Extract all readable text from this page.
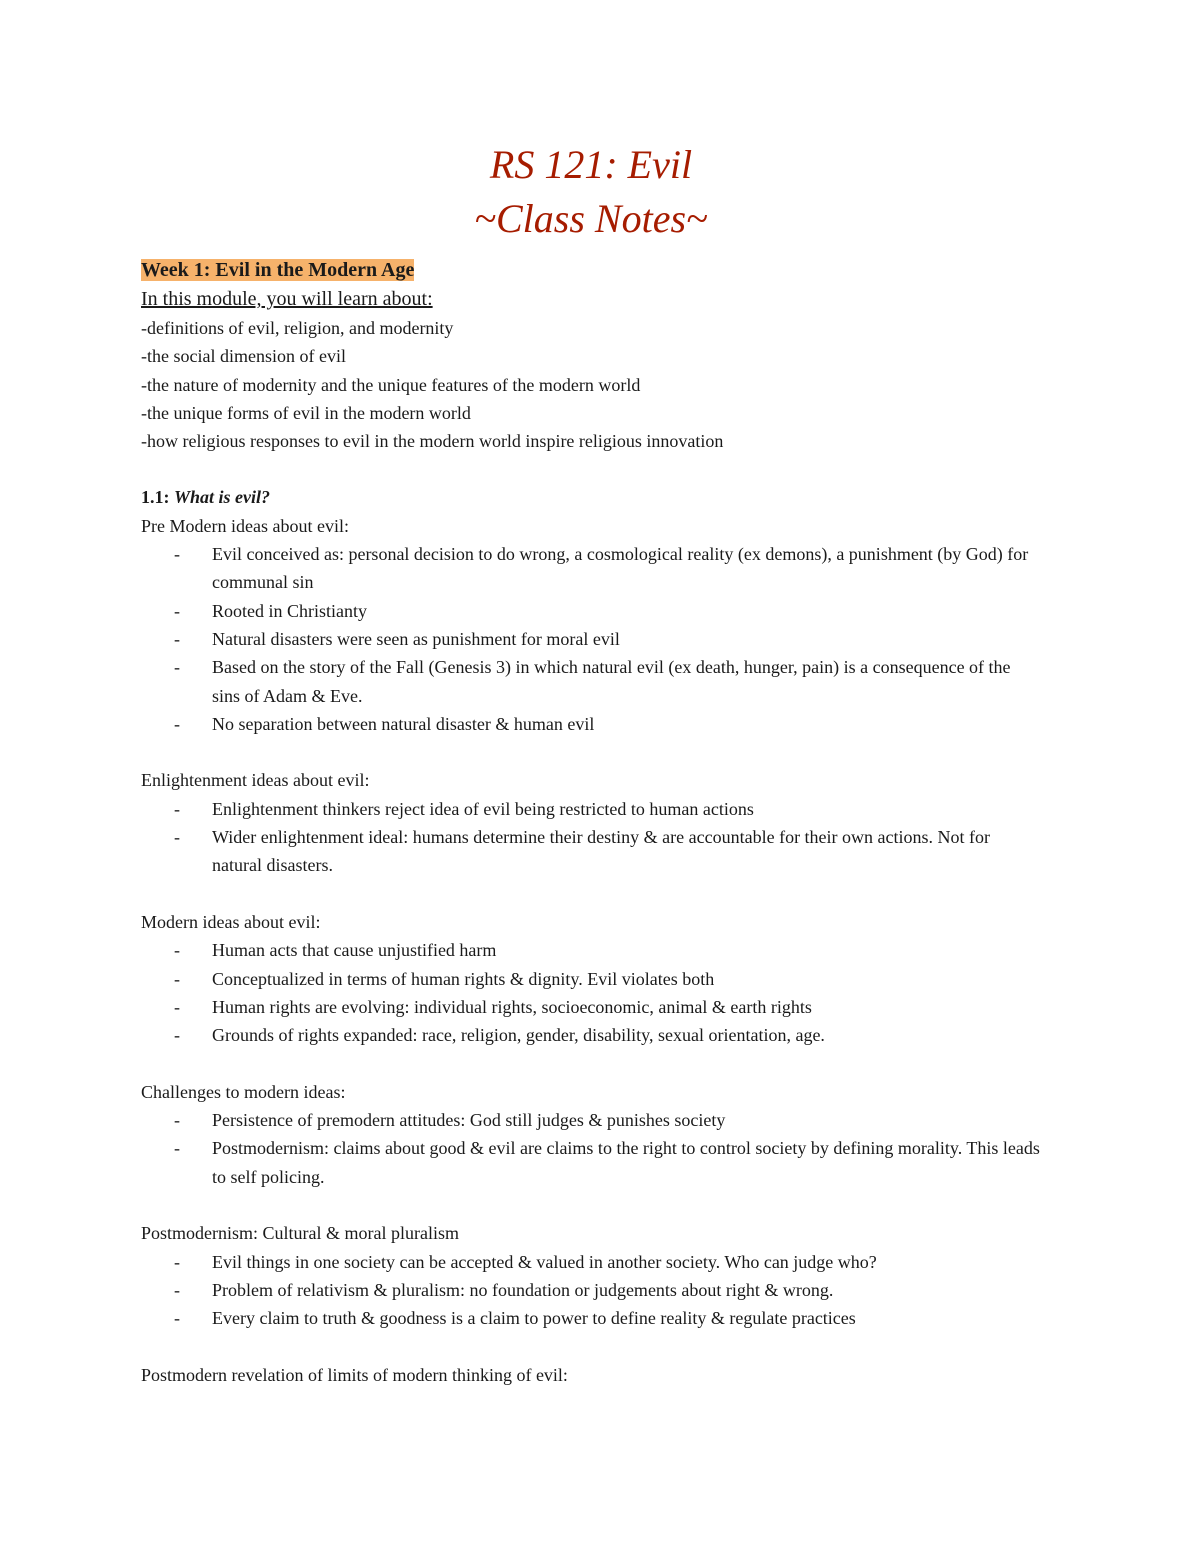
RS 121: Evil
~Class Notes~
Week 1: Evil in the Modern Age
In this module, you will learn about:
-definitions of evil, religion, and modernity
-the social dimension of evil
-the nature of modernity and the unique features of the modern world
-the unique forms of evil in the modern world
-how religious responses to evil in the modern world inspire religious innovation
1.1: What is evil?
Pre Modern ideas about evil:
- Evil conceived as: personal decision to do wrong, a cosmological reality (ex demons), a punishment (by God) for communal sin
- Rooted in Christianty
- Natural disasters were seen as punishment for moral evil
- Based on the story of the Fall (Genesis 3) in which natural evil (ex death, hunger, pain) is a consequence of the sins of Adam & Eve.
- No separation between natural disaster & human evil
Enlightenment ideas about evil:
- Enlightenment thinkers reject idea of evil being restricted to human actions
- Wider enlightenment ideal: humans determine their destiny & are accountable for their own actions. Not for natural disasters.
Modern ideas about evil:
- Human acts that cause unjustified harm
- Conceptualized in terms of human rights & dignity. Evil violates both
- Human rights are evolving: individual rights, socioeconomic, animal & earth rights
- Grounds of rights expanded: race, religion, gender, disability, sexual orientation, age.
Challenges to modern ideas:
- Persistence of premodern attitudes: God still judges & punishes society
- Postmodernism: claims about good & evil are claims to the right to control society by defining morality. This leads to self policing.
Postmodernism: Cultural & moral pluralism
- Evil things in one society can be accepted & valued in another society. Who can judge who?
- Problem of relativism & pluralism: no foundation or judgements about right & wrong.
- Every claim to truth & goodness is a claim to power to define reality & regulate practices
Postmodern revelation of limits of modern thinking of evil:
